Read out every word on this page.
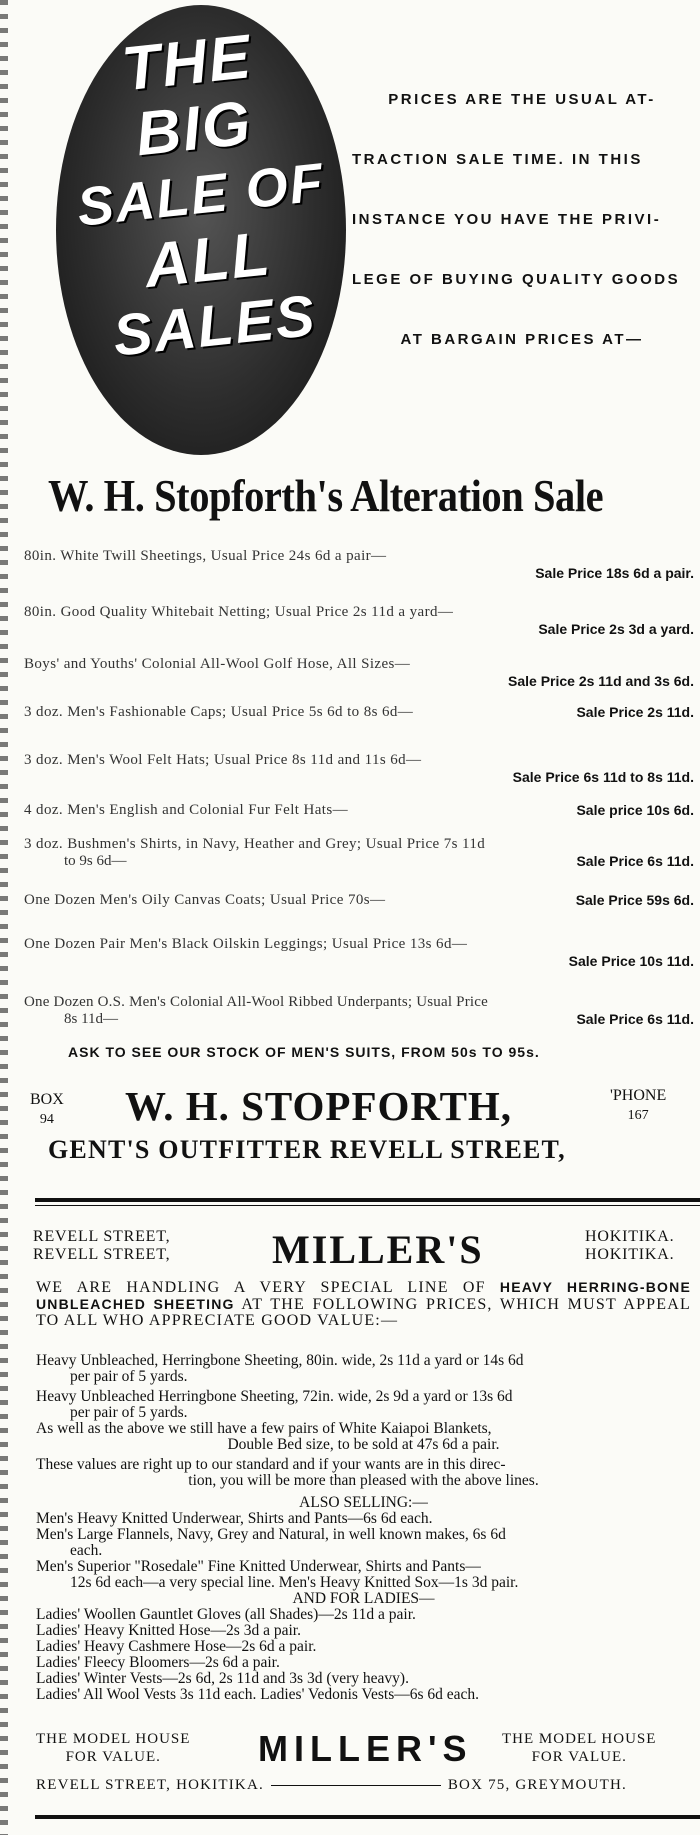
THE
BIG
SALE OF
ALL
SALES
PRICES ARE THE USUAL AT-
TRACTION SALE TIME. IN THIS
INSTANCE YOU HAVE THE PRIVI-
LEGE OF BUYING QUALITY GOODS
AT BARGAIN PRICES AT—
W. H. Stopforth's Alteration Sale
80in. White Twill Sheetings, Usual Price 24s 6d a pair—
Sale Price 18s 6d a pair.
80in. Good Quality Whitebait Netting; Usual Price 2s 11d a yard—
Sale Price 2s 3d a yard.
Boys' and Youths' Colonial All-Wool Golf Hose, All Sizes—
Sale Price 2s 11d and 3s 6d.
3 doz. Men's Fashionable Caps; Usual Price 5s 6d to 8s 6d—	Sale Price 2s 11d.
3 doz. Men's Wool Felt Hats; Usual Price 8s 11d and 11s 6d—
Sale Price 6s 11d to 8s 11d.
4 doz. Men's English and Colonial Fur Felt Hats—	Sale price 10s 6d.
3 doz. Bushmen's Shirts, in Navy, Heather and Grey; Usual Price 7s 11d
to 9s 6d—	Sale Price 6s 11d.
One Dozen Men's Oily Canvas Coats; Usual Price 70s—	Sale Price 59s 6d.
One Dozen Pair Men's Black Oilskin Leggings; Usual Price 13s 6d—
Sale Price 10s 11d.
One Dozen O.S. Men's Colonial All-Wool Ribbed Underpants; Usual Price
8s 11d—	Sale Price 6s 11d.
ASK TO SEE OUR STOCK OF MEN'S SUITS, FROM 50s TO 95s.
BOX
94 W. H. STOPFORTH,	'PHONE
167
GENT'S OUTFITTER REVELL STREET,
REVELL STREET,
REVELL STREET,	MILLER'S	HOKITIKA.
HOKITIKA.
WE ARE HANDLING A VERY SPECIAL LINE OF HEAVY HERRING-BONE UNBLEACHED SHEETING AT THE FOLLOWING PRICES, WHICH MUST APPEAL TO ALL WHO APPRECIATE GOOD VALUE:—

Heavy Unbleached, Herringbone Sheeting, 80in. wide, 2s 11d a yard or 14s 6d

per pair of 5 yards.

Heavy Unbleached Herringbone Sheeting, 72in. wide, 2s 9d a yard or 13s 6d

per pair of 5 yards.

As well as the above we still have a few pairs of White Kaiapoi Blankets,

Double Bed size, to be sold at 47s 6d a pair.

These values are right up to our standard and if your wants are in this direc-

tion, you will be more than pleased with the above lines.

ALSO SELLING:—

Men's Heavy Knitted Underwear, Shirts and Pants—6s 6d each.

Men's Large Flannels, Navy, Grey and Natural, in well known makes, 6s 6d

each.

Men's Superior "Rosedale" Fine Knitted Underwear, Shirts and Pants—

12s 6d each—a very special line. Men's Heavy Knitted Sox—1s 3d pair.

AND FOR LADIES—

Ladies' Woollen Gauntlet Gloves (all Shades)—2s 11d a pair.

Ladies' Heavy Knitted Hose—2s 3d a pair.

Ladies' Heavy Cashmere Hose—2s 6d a pair.

Ladies' Fleecy Bloomers—2s 6d a pair.

Ladies' Winter Vests—2s 6d, 2s 11d and 3s 3d (very heavy).

Ladies' All Wool Vests 3s 11d each. Ladies' Vedonis Vests—6s 6d each.

THE MODEL HOUSE
FOR VALUE.	MILLER'S THE MODEL HOUSE
FOR VALUE.
REVELL STREET, HOKITIKA.	BOX 75, GREYMOUTH.
